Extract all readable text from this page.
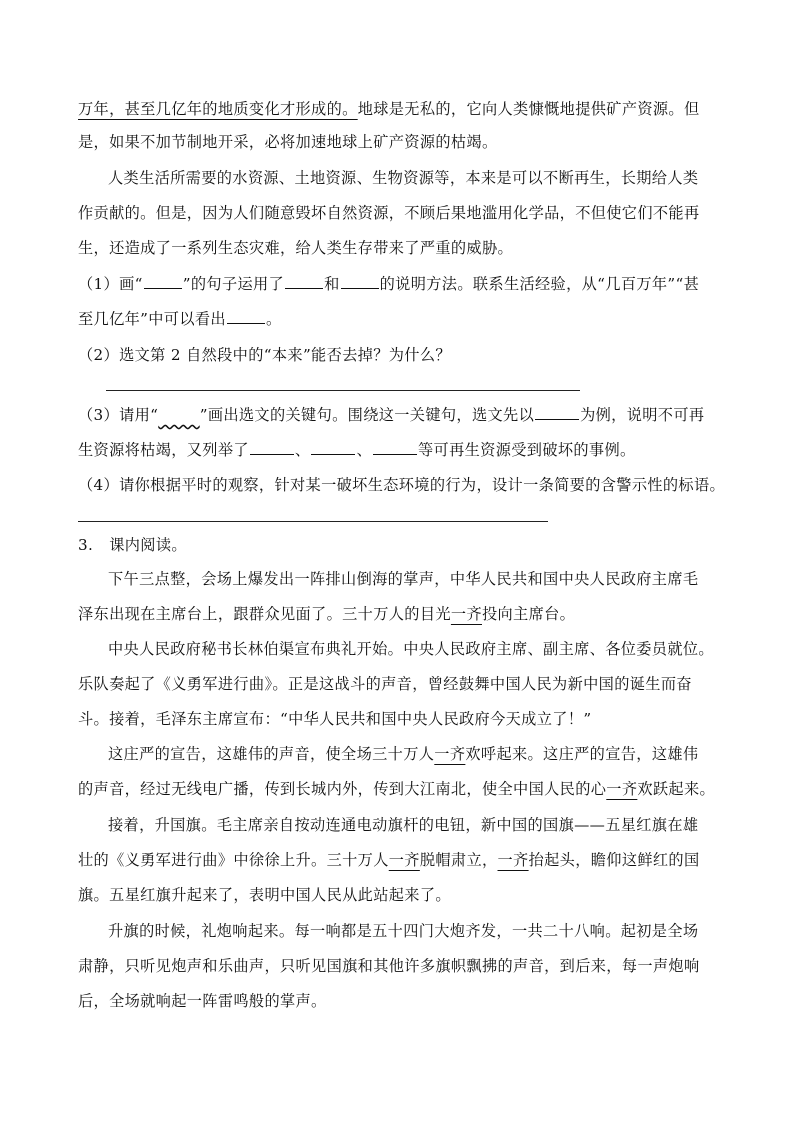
万年，甚至几亿年的地质变化才形成的。地球是无私的，它向人类慷慨地提供矿产资源。但
是，如果不加节制地开采，必将加速地球上矿产资源的枯竭。
人类生活所需要的水资源、土地资源、生物资源等，本来是可以不断再生，长期给人类
作贡献的。但是，因为人们随意毁坏自然资源，不顾后果地滥用化学品，不但使它们不能再
生，还造成了一系列生态灾难，给人类生存带来了严重的威胁。
（1）画“	”的句子运用了	和	的说明方法。联系生活经验，从“几百万年”“甚
至几亿年”中可以看出	。
（2）选文第 2 自然段中的“本来”能否去掉？为什么？
（3）请用“​        ”画出选文的关键句。围绕这一关键句，选文先以	为例，说明不可再
生资源将枯竭，又列举了	、	、	等可再生资源受到破坏的事例。
（4）请你根据平时的观察，针对某一破坏生态环境的行为，设计一条简要的含警示性的标语。
3. 课内阅读。
下午三点整，会场上爆发出一阵排山倒海的掌声，中华人民共和国中央人民政府主席毛
泽东出现在主席台上，跟群众见面了。三十万人的目光一齐投向主席台。
中央人民政府秘书长林伯渠宣布典礼开始。中央人民政府主席、副主席、各位委员就位。
乐队奏起了《义勇军进行曲》。正是这战斗的声音，曾经鼓舞中国人民为新中国的诞生而奋
斗。接着，毛泽东主席宣布：“中华人民共和国中央人民政府今天成立了！”
这庄严的宣告，这雄伟的声音，使全场三十万人一齐欢呼起来。这庄严的宣告，这雄伟
的声音，经过无线电广播，传到长城内外，传到大江南北，使全中国人民的心一齐欢跃起来。
接着，升国旗。毛主席亲自按动连通电动旗杆的电钮，新中国的国旗——五星红旗在雄
壮的《义勇军进行曲》中徐徐上升。三十万人一齐脱帽肃立，一齐抬起头，瞻仰这鲜红的国
旗。五星红旗升起来了，表明中国人民从此站起来了。
升旗的时候，礼炮响起来。每一响都是五十四门大炮齐发，一共二十八响。起初是全场
肃静，只听见炮声和乐曲声，只听见国旗和其他许多旗帜飘拂的声音，到后来，每一声炮响
后，全场就响起一阵雷鸣般的掌声。
